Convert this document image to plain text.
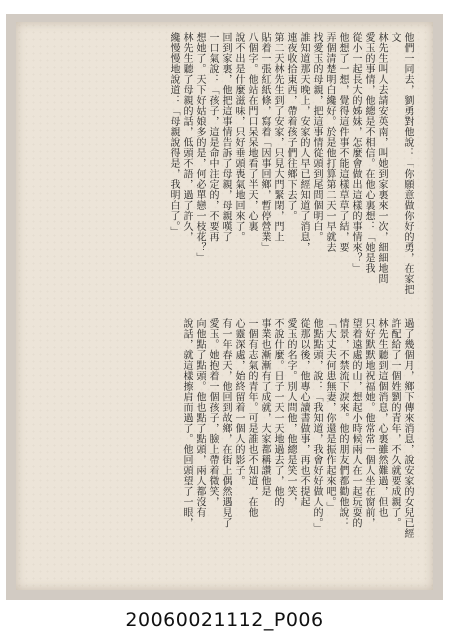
他們一同去，劉勇對他說：「你願意做你好的勇，在家把文

林先生叫人去請安英南，叫她到家裏來一次，細細地問

愛玉的事情，他總是不相信。在他心裏想：「她是我

從小一起長大的姊妹，怎麼會做出這樣的事情來？」

他想了一想，覺得這件事不能這樣草草了結，要

弄個清楚明白纔好。於是他打算第二天一早就去

找愛玉的母親，把這事情從頭到尾問個明白。

誰知道那天晚上，安家的人早已經知道了消息，

連夜收拾東西，帶着孩子們往鄉下去了。

第二天林先生到了安家，只見大門緊閉，門上

貼着一張紅紙條，寫着「因事回鄉，暫停營業」

八個字。他站在門口呆呆地看了半天，心裏

說不出是什麼滋味，只好垂頭喪氣地回來了。

回到家裏，他把這事情告訴了母親，母親嘆了

一口氣說：「孩子，這是命中注定的，不要再

想她了。天下好姑娘多的是，何必單戀一枝花？」

林先生聽了母親的話，低頭不語，過了許久，

纔慢慢地說道：「母親說得是，我明白了。」

過了幾個月，鄉下傳來消息，說安家的女兒已經

許配給了一個姓劉的青年，不久就要成親了。

林先生聽到這個消息，心裏雖然難過，但也

只好默默地祝福她。他常常一個人坐在窗前，

望着遠處的山，想起小時候兩人在一起玩耍的

情景，不禁流下淚來。他的朋友們都勸他說：

「大丈夫何患無妻，你還是振作起來吧。」

他點點頭，說：「我知道，我會好好做人的。」

從那以後，他專心讀書做事，再也不提起

愛玉的名字。別人問他，他總是笑一笑，

不說什麼。日子一天一天地過去了，他的

事業也漸漸有了成就，大家都稱讚他是

一個有志氣的青年。可是誰也不知道，在他

心靈深處，始終留着一個人的影子。

有一年春天，他回到故鄉，在街上偶然遇見了

愛玉。她抱着一個孩子，臉上帶着微笑，

向他點了點頭。他也點了點頭，兩人都沒有

說話，就這樣擦肩而過了。他回頭望了一眼，

20060021112_P006
